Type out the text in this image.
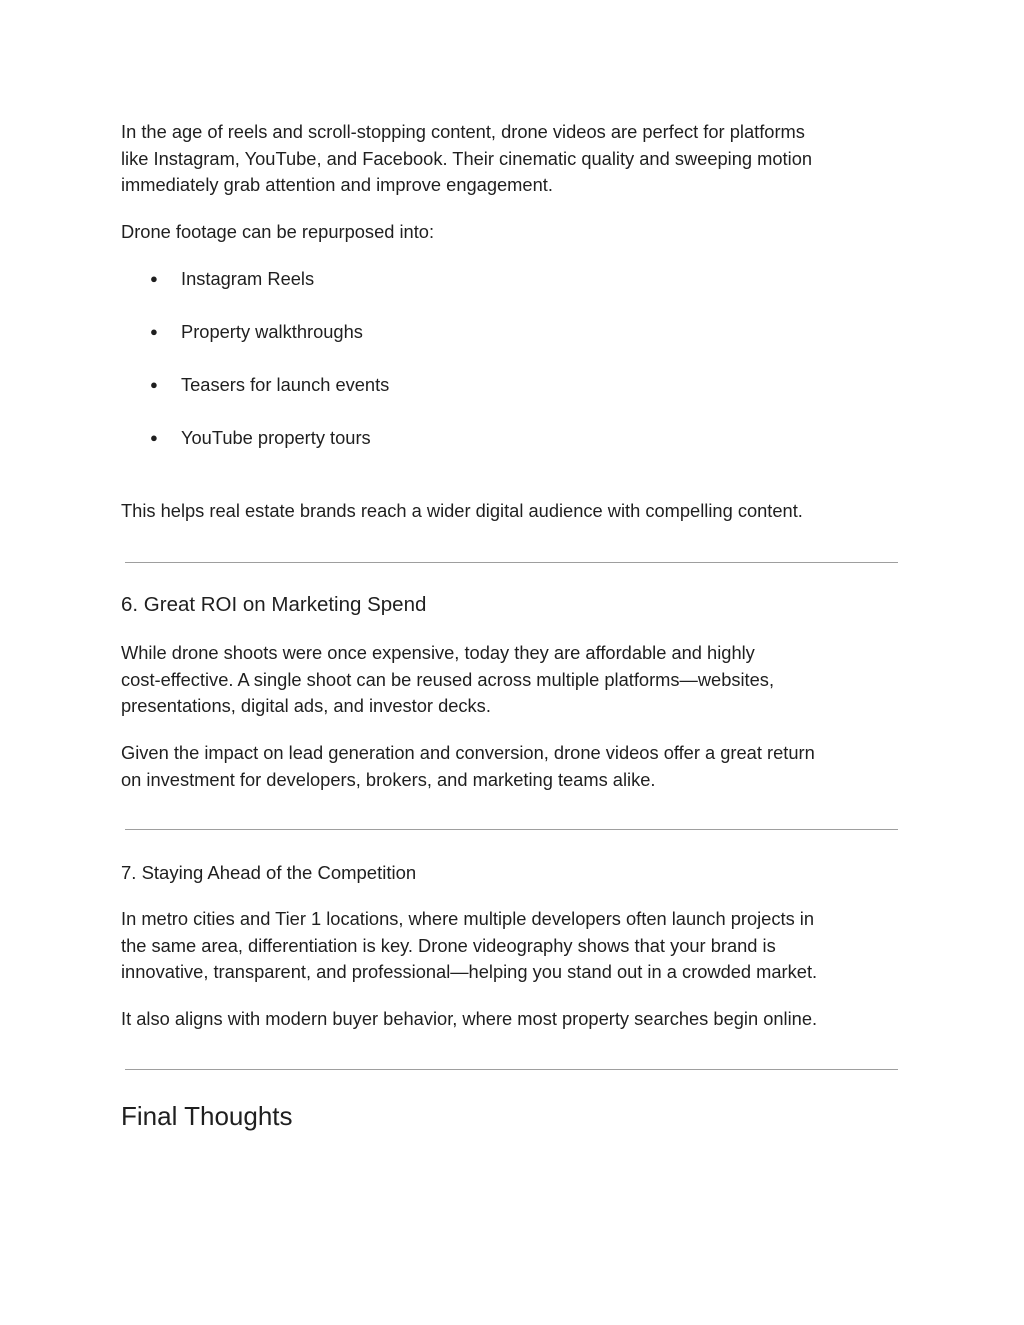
In the age of reels and scroll-stopping content, drone videos are perfect for platforms
like Instagram, YouTube, and Facebook. Their cinematic quality and sweeping motion
immediately grab attention and improve engagement.

Drone footage can be repurposed into:

● Instagram Reels
● Property walkthroughs
● Teasers for launch events
● YouTube property tours

This helps real estate brands reach a wider digital audience with compelling content.

6. Great ROI on Marketing Spend

While drone shoots were once expensive, today they are affordable and highly
cost-effective. A single shoot can be reused across multiple platforms—websites,
presentations, digital ads, and investor decks.

Given the impact on lead generation and conversion, drone videos offer a great return
on investment for developers, brokers, and marketing teams alike.

7. Staying Ahead of the Competition

In metro cities and Tier 1 locations, where multiple developers often launch projects in
the same area, differentiation is key. Drone videography shows that your brand is
innovative, transparent, and professional—helping you stand out in a crowded market.

It also aligns with modern buyer behavior, where most property searches begin online.

Final Thoughts
